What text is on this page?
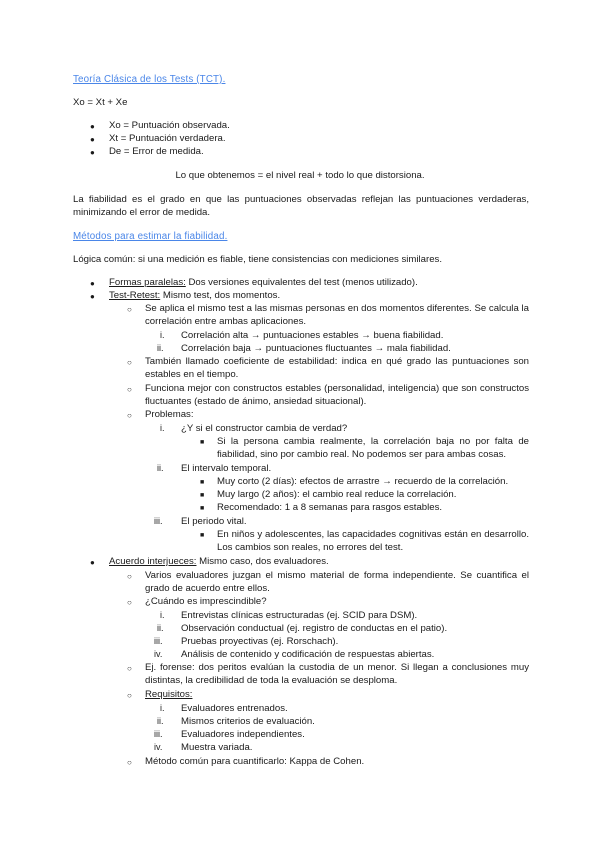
Teoría Clásica de los Tests (TCT).
Xo = Xt + Xe
● Xo = Puntuación observada.
● Xt = Puntuación verdadera.
● De = Error de medida.
Lo que obtenemos = el nivel real + todo lo que distorsiona.
La fiabilidad es el grado en que las puntuaciones observadas reflejan las puntuaciones verdaderas, minimizando el error de medida.
Métodos para estimar la fiabilidad.
Lógica común: si una medición es fiable, tiene consistencias con mediciones similares.
● Formas paralelas: Dos versiones equivalentes del test (menos utilizado).
● Test-Retest: Mismo test, dos momentos.
○ Se aplica el mismo test a las mismas personas en dos momentos diferentes. Se calcula la correlación entre ambas aplicaciones.
i. Correlación alta → puntuaciones estables → buena fiabilidad.
ii. Correlación baja → puntuaciones fluctuantes → mala fiabilidad.
○ También llamado coeficiente de estabilidad: indica en qué grado las puntuaciones son estables en el tiempo.
○ Funciona mejor con constructos estables (personalidad, inteligencia) que son constructos fluctuantes (estado de ánimo, ansiedad situacional).
○ Problemas:
i. ¿Y si el constructor cambia de verdad?
■ Si la persona cambia realmente, la correlación baja no por falta de fiabilidad, sino por cambio real. No podemos ser para ambas cosas.
ii. El intervalo temporal.
■ Muy corto (2 días): efectos de arrastre → recuerdo de la correlación.
■ Muy largo (2 años): el cambio real reduce la correlación.
■ Recomendado: 1 a 8 semanas para rasgos estables.
iii. El periodo vital.
■ En niños y adolescentes, las capacidades cognitivas están en desarrollo. Los cambios son reales, no errores del test.
● Acuerdo interjueces: Mismo caso, dos evaluadores.
○ Varios evaluadores juzgan el mismo material de forma independiente. Se cuantifica el grado de acuerdo entre ellos.
○ ¿Cuándo es imprescindible?
i. Entrevistas clínicas estructuradas (ej. SCID para DSM).
ii. Observación conductual (ej. registro de conductas en el patio).
iii. Pruebas proyectivas (ej. Rorschach).
iv. Análisis de contenido y codificación de respuestas abiertas.
○ Ej. forense: dos peritos evalúan la custodia de un menor. Si llegan a conclusiones muy distintas, la credibilidad de toda la evaluación se desploma.
○ Requisitos:
i. Evaluadores entrenados.
ii. Mismos criterios de evaluación.
iii. Evaluadores independientes.
iv. Muestra variada.
○ Método común para cuantificarlo: Kappa de Cohen.
